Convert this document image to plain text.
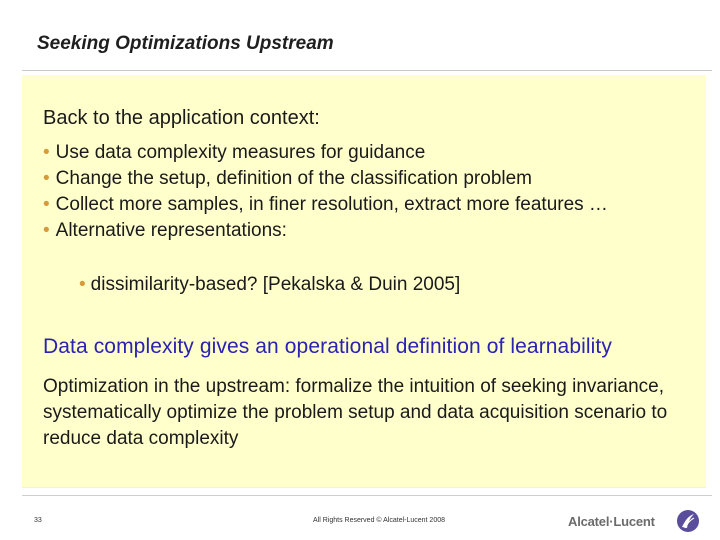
Seeking Optimizations Upstream
Back to the application context:
• Use data complexity measures for guidance
• Change the setup, definition of the classification problem
• Collect more samples, in finer resolution, extract more features …
• Alternative representations:
• dissimilarity-based? [Pekalska & Duin 2005]
Data complexity gives an operational definition of learnability
Optimization in the upstream: formalize the intuition of seeking invariance, systematically optimize the problem setup and data acquisition scenario to reduce data complexity
33	All Rights Reserved © Alcatel-Lucent 2008	Alcatel·Lucent
